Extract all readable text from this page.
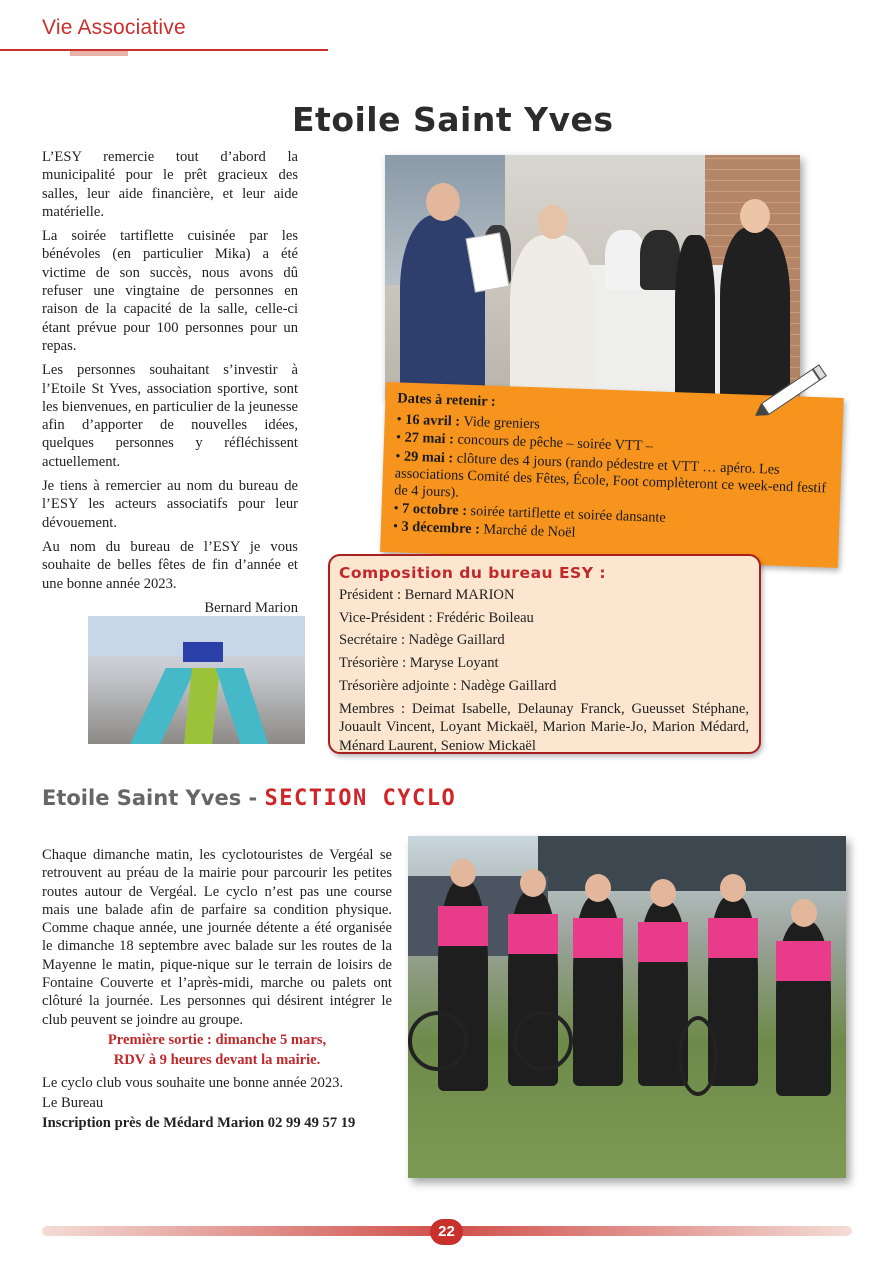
Vie Associative
Etoile Saint Yves

L’ESY remercie tout d’abord la municipalité pour le prêt gracieux des salles, leur aide financière, et leur aide matérielle.

La soirée tartiflette cuisinée par les bénévoles (en particulier Mika) a été victime de son succès, nous avons dû refuser une vingtaine de personnes en raison de la capacité de la salle, celle-ci étant prévue pour 100 personnes pour un repas.

Les personnes souhaitant s’investir à l’Etoile St Yves, association sportive, sont les bienvenues, en particulier de la jeunesse afin d’apporter de nouvelles idées, quelques personnes y réfléchissent actuellement.

Je tiens à remercier au nom du bureau de l’ESY les acteurs associatifs pour leur dévouement.

Au nom du bureau de l’ESY je vous souhaite de belles fêtes de fin d’année et une bonne année 2023.

Bernard Marion

Dates à retenir :
• 16 avril : Vide greniers
• 27 mai : concours de pêche – soirée VTT –
• 29 mai : clôture des 4 jours (rando pédestre et VTT … apéro. Les associations Comité des Fêtes, École, Foot complèteront ce week-end festif de 4 jours).
• 7 octobre : soirée tartiflette et soirée dansante
• 3 décembre : Marché de Noël
Composition du bureau ESY :
Président : Bernard MARION
Vice-Président : Frédéric Boileau
Secrétaire : Nadège Gaillard
Trésorière : Maryse Loyant
Trésorière adjointe : Nadège Gaillard
Membres : Deimat Isabelle, Delaunay Franck, Gueusset Stéphane, Jouault Vincent, Loyant Mickaël, Marion Marie-Jo, Marion Médard, Ménard Laurent, Seniow Mickaël
Etoile Saint Yves - SECTION CYCLO

Chaque dimanche matin, les cyclotouristes de Vergéal se retrouvent au préau de la mairie pour parcourir les petites routes autour de Vergéal. Le cyclo n’est pas une course mais une balade afin de parfaire sa condition physique. Comme chaque année, une journée détente a été organisée le dimanche 18 septembre avec balade sur les routes de la Mayenne le matin, pique-nique sur le terrain de loisirs de Fontaine Couverte et l’après-midi, marche ou palets ont clôturé la journée. Les personnes qui désirent intégrer le club peuvent se joindre au groupe.

Première sortie : dimanche 5 mars,

RDV à 9 heures devant la mairie.

Le cyclo club vous souhaite une bonne année 2023.

Le Bureau

Inscription près de Médard Marion 02 99 49 57 19

22
